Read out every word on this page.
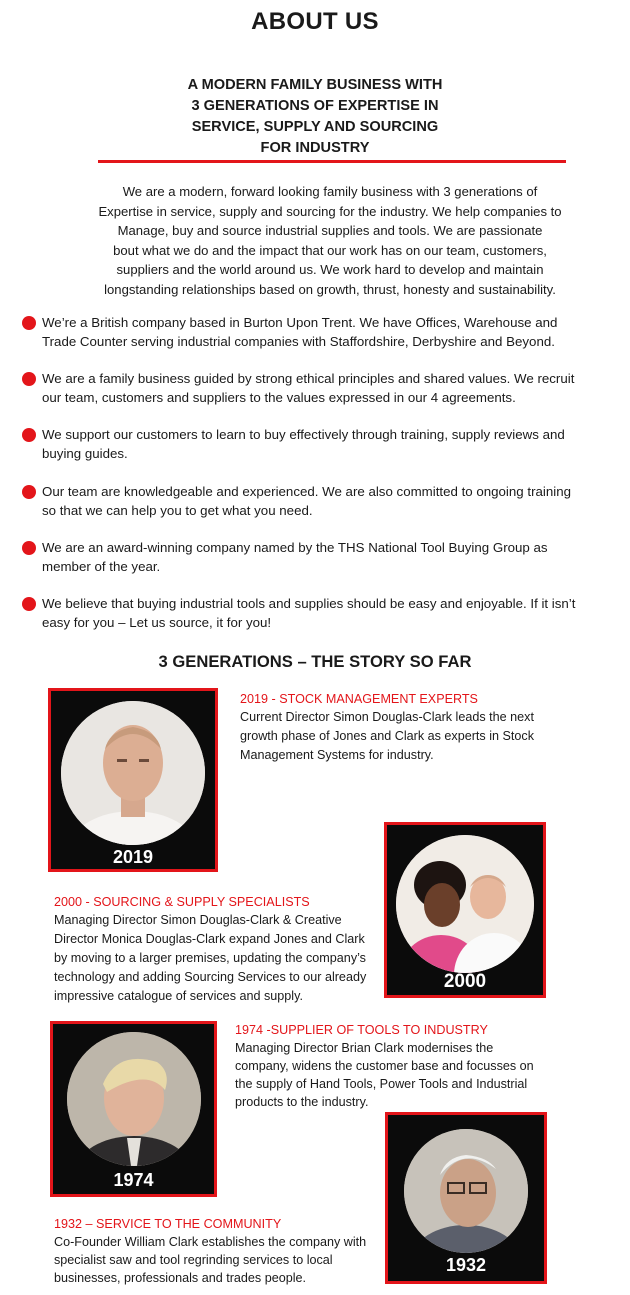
ABOUT US
A MODERN FAMILY BUSINESS WITH
3 GENERATIONS OF EXPERTISE IN
SERVICE, SUPPLY AND SOURCING
FOR INDUSTRY
We are a modern, forward looking family business with 3 generations of
Expertise in service, supply and sourcing for the industry. We help companies to
Manage, buy and source industrial supplies and tools. We are passionate
bout what we do and the impact that our work has on our team, customers,
suppliers and the world around us. We work hard to develop and maintain
longstanding relationships based on growth, thrust, honesty and sustainability.
We’re a British company based in Burton Upon Trent. We have Offices, Warehouse and
Trade Counter serving industrial companies with Staffordshire, Derbyshire and Beyond.
We are a family business guided by strong ethical principles and shared values. We recruit
our team, customers and suppliers to the values expressed in our 4 agreements.
We support our customers to learn to buy effectively through training, supply reviews and
buying guides.
Our team are knowledgeable and experienced. We are also committed to ongoing training
so that we can help you to get what you need.
We are an award-winning company named by the THS National Tool Buying Group as
member of the year.
We believe that buying industrial tools and supplies should be easy and enjoyable. If it isn’t
easy for you – Let us source, it for you!
3 GENERATIONS – THE STORY SO FAR
2019
2019 - STOCK MANAGEMENT EXPERTS
Current Director Simon Douglas-Clark leads the next
growth phase of Jones and Clark as experts in Stock
Management Systems for industry.
2000
2000 - SOURCING & SUPPLY SPECIALISTS
Managing Director Simon Douglas-Clark & Creative
Director Monica Douglas-Clark expand Jones and Clark
by moving to a larger premises, updating the company’s
technology and adding Sourcing Services to our already
impressive catalogue of services and supply.
1974
1974 -SUPPLIER OF TOOLS TO INDUSTRY
Managing Director Brian Clark modernises the
company, widens the customer base and focusses on
the supply of Hand Tools, Power Tools and Industrial
products to the industry.
1932
1932 – SERVICE TO THE COMMUNITY
Co-Founder William Clark establishes the company with
specialist saw and tool regrinding services to local
businesses, professionals and trades people.
